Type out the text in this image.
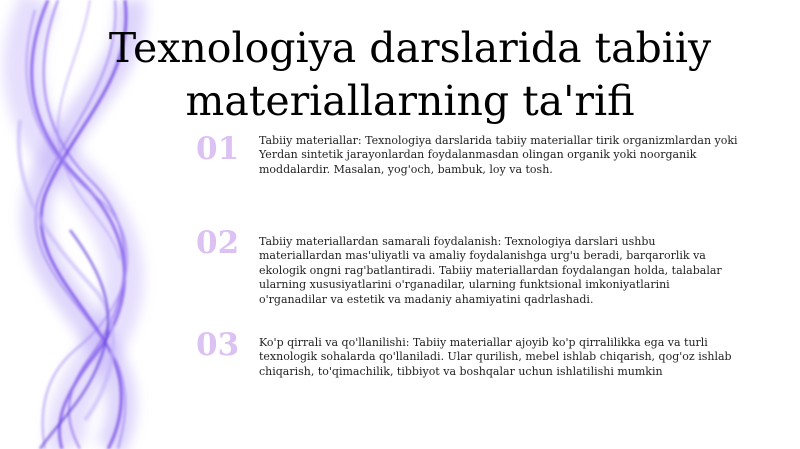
Texnologiya darslarida tabiiy materiallarning ta'rifi
01	Tabiiy materiallar: Texnologiya darslarida tabiiy materiallar tirik organizmlardan yoki Yerdan sintetik jarayonlardan foydalanmasdan olingan organik yoki noorganik moddalardir. Masalan, yog'och, bambuk, loy va tosh.
02	Tabiiy materiallardan samarali foydalanish: Texnologiya darslari ushbu materiallardan mas'uliyatli va amaliy foydalanishga urg'u beradi, barqarorlik va ekologik ongni rag'batlantiradi. Tabiiy materiallardan foydalangan holda, talabalar ularning xususiyatlarini o'rganadilar, ularning funktsional imkoniyatlarini o'rganadilar va estetik va madaniy ahamiyatini qadrlashadi.
03	Ko'p qirrali va qo'llanilishi: Tabiiy materiallar ajoyib ko'p qirralilikka ega va turli texnologik sohalarda qo'llaniladi. Ular qurilish, mebel ishlab chiqarish, qog'oz ishlab chiqarish, to'qimachilik, tibbiyot va boshqalar uchun ishlatilishi mumkin
